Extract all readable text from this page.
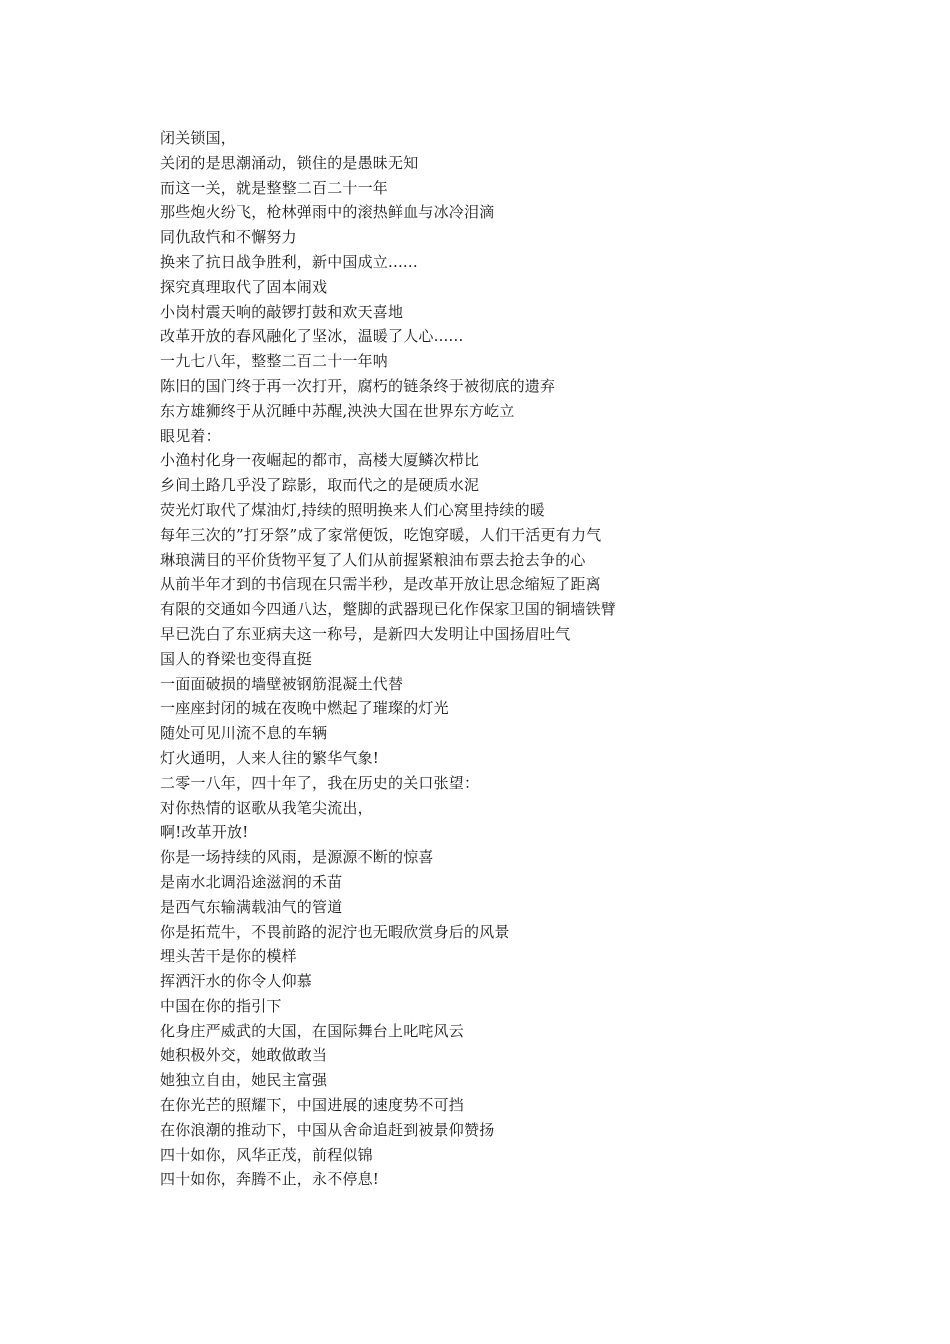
闭关锁国，
关闭的是思潮涌动，锁住的是愚昧无知
而这一关，就是整整二百二十一年
那些炮火纷飞，枪林弹雨中的滚热鲜血与冰冷泪滴
同仇敌忾和不懈努力
换来了抗日战争胜利，新中国成立......
探究真理取代了固本闹戏
小岗村震天响的敲锣打鼓和欢天喜地
改革开放的春风融化了坚冰，温暖了人心......
一九七八年，整整二百二十一年呐
陈旧的国门终于再一次打开，腐朽的链条终于被彻底的遗弃
东方雄狮终于从沉睡中苏醒,泱泱大国在世界东方屹立
眼见着：
小渔村化身一夜崛起的都市，高楼大厦鳞次栉比
乡间土路几乎没了踪影，取而代之的是硬质水泥
荧光灯取代了煤油灯,持续的照明换来人们心窝里持续的暖
每年三次的”打牙祭”成了家常便饭，吃饱穿暖，人们干活更有力气
琳琅满目的平价货物平复了人们从前握紧粮油布票去抢去争的心
从前半年才到的书信现在只需半秒，是改革开放让思念缩短了距离
有限的交通如今四通八达，蹩脚的武器现已化作保家卫国的铜墙铁臂
早已洗白了东亚病夫这一称号，是新四大发明让中国扬眉吐气
国人的脊梁也变得直挺
一面面破损的墙壁被钢筋混凝土代替
一座座封闭的城在夜晚中燃起了璀璨的灯光
随处可见川流不息的车辆
灯火通明，人来人往的繁华气象!
二零一八年，四十年了，我在历史的关口张望：
对你热情的讴歌从我笔尖流出，
啊!改革开放!
你是一场持续的风雨，是源源不断的惊喜
是南水北调沿途滋润的禾苗
是西气东输满载油气的管道
你是拓荒牛，不畏前路的泥泞也无暇欣赏身后的风景
埋头苦干是你的模样
挥洒汗水的你令人仰慕
中国在你的指引下
化身庄严威武的大国，在国际舞台上叱咤风云
她积极外交，她敢做敢当
她独立自由，她民主富强
在你光芒的照耀下，中国进展的速度势不可挡
在你浪潮的推动下，中国从舍命追赶到被景仰赞扬
四十如你，风华正茂，前程似锦
四十如你，奔腾不止，永不停息!
